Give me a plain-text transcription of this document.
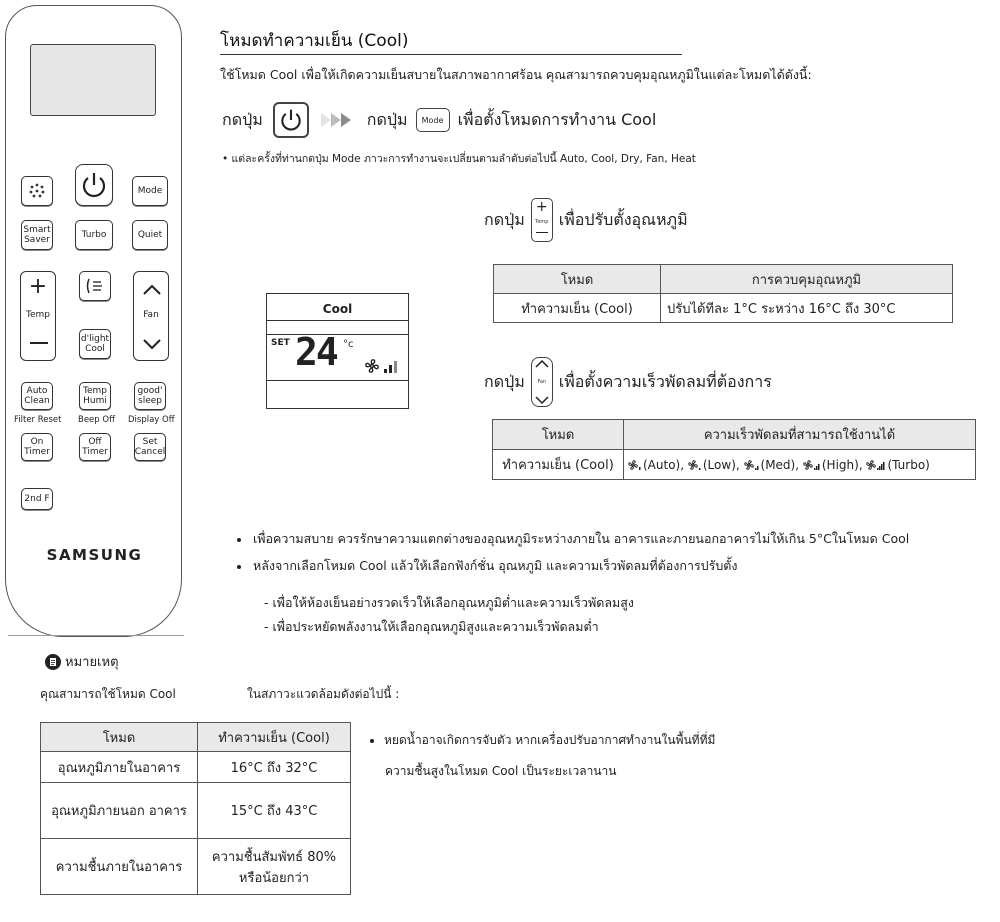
Mode
Smart Saver	Turbo	Quiet
+
Temp
d'light Cool
Fan
Auto Clean
Temp Humi
good' sleep
Filter Reset Beep Off Display Off
On Timer
Off Timer
Set Cancel
2nd F
SAMSUNG
โหมดทำความเย็น (Cool)
ใช้โหมด Cool เพื่อให้เกิดความเย็นสบายในสภาพอากาศร้อน คุณสามารถควบคุมอุณหภูมิในแต่ละโหมดได้ดังนี้:
กดปุ่ม	กดปุ่ม	Mode เพื่อตั้งโหมดการทำงาน Cool
• แต่ละครั้งที่ท่านกดปุ่ม Mode ภาวะการทำงานจะเปลี่ยนตามลำดับต่อไปนี้ Auto, Cool, Dry, Fan, Heat
กดปุ่ม
+
Temp เพื่อปรับตั้งอุณหภูมิ
โหมด	การควบคุมอุณหภูมิ
ทำความเย็น (Cool)	ปรับได้ทีละ 1°C ระหว่าง 16°C ถึง 30°C
Cool
SET 24 °c
กดปุ่ม	Fan เพื่อตั้งความเร็วพัดลมที่ต้องการ
โหมด	ความเร็วพัดลมที่สามารถใช้งานได้
ทำความเย็น (Cool)	(Auto), (Low), (Med), (High), (Turbo)
เพื่อความสบาย ควรรักษาความแตกต่างของอุณหภูมิระหว่างภายใน อาคารและภายนอกอาคารไม่ให้เกิน 5°Cในโหมด Cool
หลังจากเลือกโหมด Cool แล้วให้เลือกฟังก์ชั่น อุณหภูมิ และความเร็วพัดลมที่ต้องการปรับตั้ง
- เพื่อให้ห้องเย็นอย่างรวดเร็วให้เลือกอุณหภูมิต่ำและความเร็วพัดลมสูง
- เพื่อประหยัดพลังงานให้เลือกอุณหภูมิสูงและความเร็วพัดลมต่ำ
หมายเหตุ
คุณสามารถใช้โหมด Cool	ในสภาวะแวดล้อมดังต่อไปนี้ :
โหมด	ทำความเย็น (Cool)
อุณหภูมิภายในอาคาร	16°C ถึง 32°C
อุณหภูมิภายนอก อาคาร	15°C ถึง 43°C
ความชื้นภายในอาคาร	ความชื้นสัมพัทธ์ 80% หรือน้อยกว่า
หยดน้ำอาจเกิดการจับตัว หากเครื่องปรับอากาศทำงานในพื้นที่ที่มี
ความชื้นสูงในโหมด Cool เป็นระยะเวลานาน
